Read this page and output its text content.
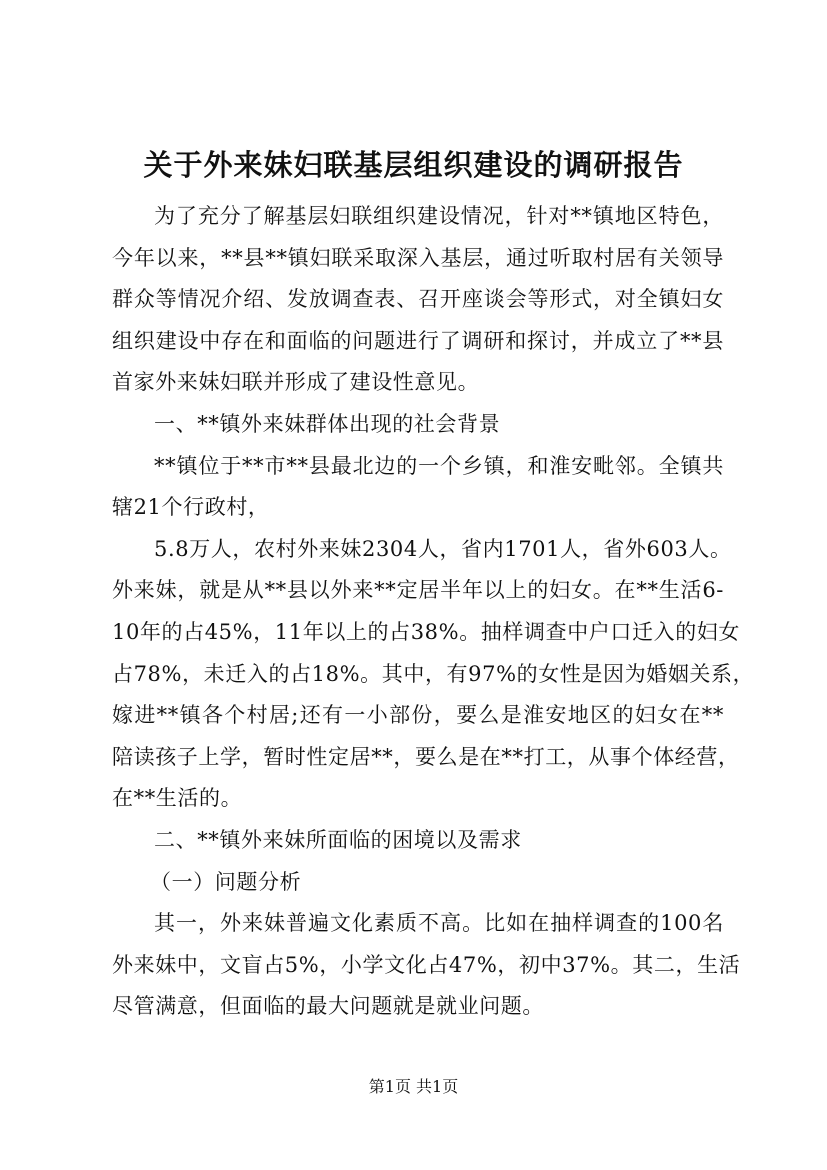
关于外来妹妇联基层组织建设的调研报告

为了充分了解基层妇联组织建设情况，针对**镇地区特色，
今年以来，**县**镇妇联采取深入基层，通过听取村居有关领导
群众等情况介绍、发放调查表、召开座谈会等形式，对全镇妇女
组织建设中存在和面临的问题进行了调研和探讨，并成立了**县
首家外来妹妇联并形成了建设性意见。

一、**镇外来妹群体出现的社会背景

**镇位于**市**县最北边的一个乡镇，和淮安毗邻。全镇共
辖21个行政村，

5.8万人，农村外来妹2304人，省内1701人，省外603人。
外来妹，就是从**县以外来**定居半年以上的妇女。在**生活6-
10年的占45%，11年以上的占38%。抽样调查中户口迁入的妇女
占78%，未迁入的占18%。其中，有97%的女性是因为婚姻关系，
嫁进**镇各个村居;还有一小部份，要么是淮安地区的妇女在**
陪读孩子上学，暂时性定居**，要么是在**打工，从事个体经营，
在**生活的。

二、**镇外来妹所面临的困境以及需求

（一）问题分析

其一，外来妹普遍文化素质不高。比如在抽样调查的100名
外来妹中，文盲占5%，小学文化占47%，初中37%。其二，生活
尽管满意，但面临的最大问题就是就业问题。

第1页 共1页
